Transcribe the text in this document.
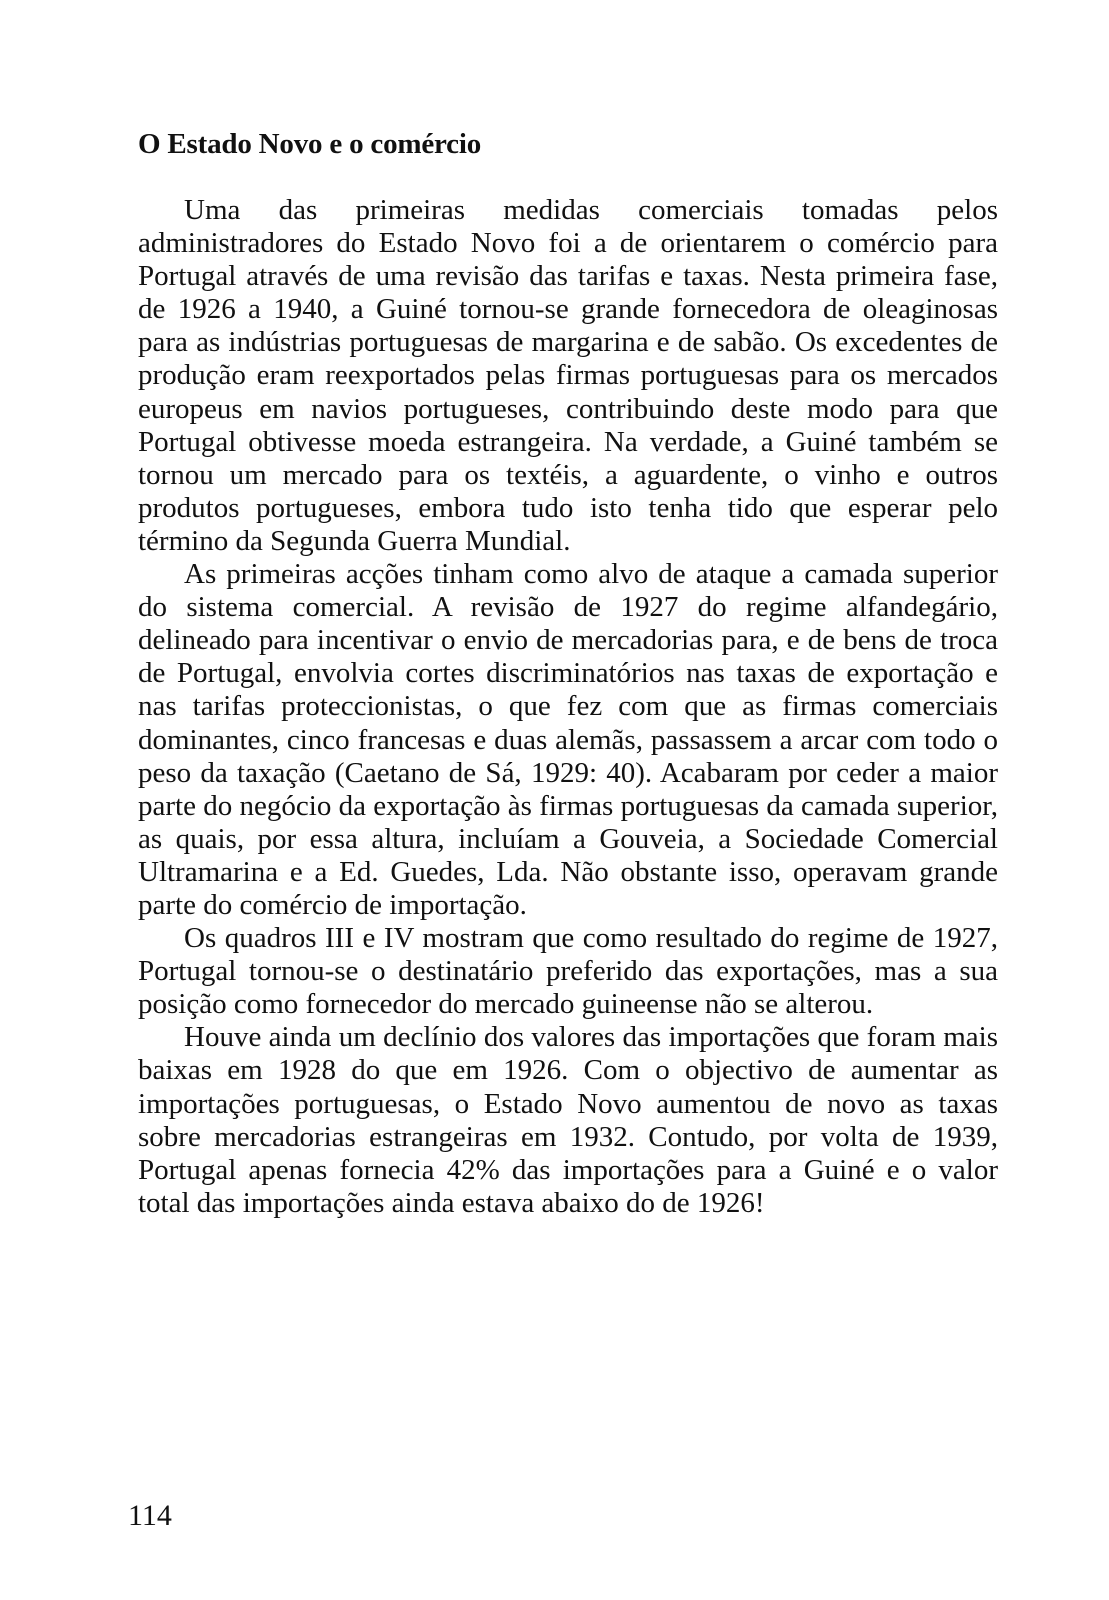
O Estado Novo e o comércio

Uma das primeiras medidas comerciais tomadas pelos administradores do Estado Novo foi a de orientarem o comércio para Portugal através de uma revisão das tarifas e taxas. Nesta primeira fase, de 1926 a 1940, a Guiné tornou-se grande fornecedora de oleaginosas para as indústrias portuguesas de margarina e de sabão. Os excedentes de produção eram reexportados pelas firmas portuguesas para os mercados europeus em navios portugueses, contribuindo deste modo para que Portugal obtivesse moeda estrangeira. Na verdade, a Guiné também se tornou um mercado para os textéis, a aguardente, o vinho e outros produtos portugueses, embora tudo isto tenha tido que esperar pelo término da Segunda Guerra Mundial.

As primeiras acções tinham como alvo de ataque a camada superior do sistema comercial. A revisão de 1927 do regime alfandegário, delineado para incentivar o envio de mercadorias para, e de bens de troca de Portugal, envolvia cortes discriminatórios nas taxas de exportação e nas tarifas proteccionistas, o que fez com que as firmas comerciais dominantes, cinco francesas e duas alemãs, passassem a arcar com todo o peso da taxação (Caetano de Sá, 1929: 40). Acabaram por ceder a maior parte do negócio da exportação às firmas portuguesas da camada superior, as quais, por essa altura, incluíam a Gouveia, a Sociedade Comercial Ultramarina e a Ed. Guedes, Lda. Não obstante isso, operavam grande parte do comércio de importação.

Os quadros III e IV mostram que como resultado do regime de 1927, Portugal tornou-se o destinatário preferido das exportações, mas a sua posição como fornecedor do mercado guineense não se alterou.

Houve ainda um declínio dos valores das importações que foram mais baixas em 1928 do que em 1926. Com o objectivo de aumentar as importações portuguesas, o Estado Novo aumentou de novo as taxas sobre mercadorias estrangeiras em 1932. Contudo, por volta de 1939, Portugal apenas fornecia 42% das importações para a Guiné e o valor total das importações ainda estava abaixo do de 1926!

114
